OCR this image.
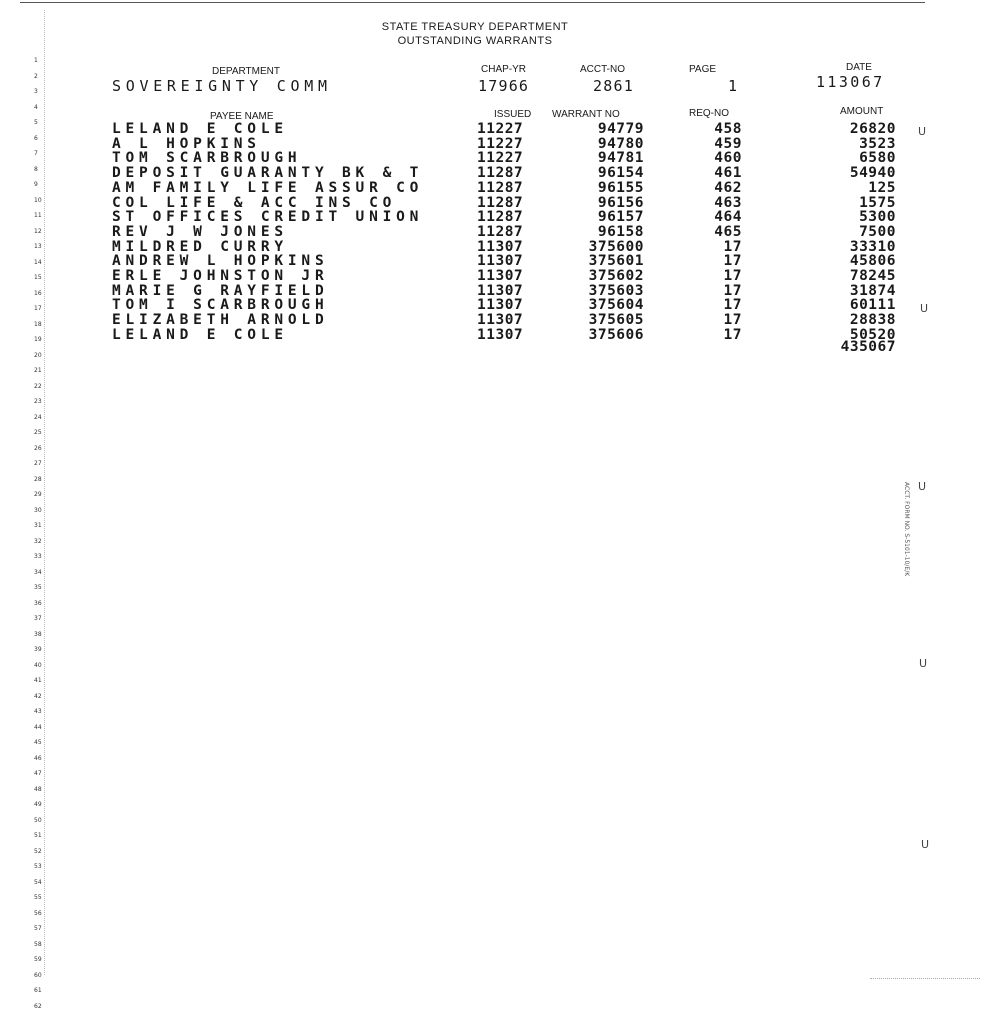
1
2
3
4
5
6
7
8
9
10
11
12
13
14
15
16
17
18
19
20
21
22
23
24
25
26
27
28
29
30
31
32
33
34
35
36
37
38
39
40
41
42
43
44
45
46
47
48
49
50
51
52
53
54
55
56
57
58
59
60
61
62
STATE TREASURY DEPARTMENT
OUTSTANDING WARRANTS
DEPARTMENT
SOVEREIGNTY COMM
CHAP-YR
17966
ACCT-NO
2861
PAGE
1
DATE
113067
PAYEE NAME	ISSUED WARRANT NO	REQ-NO	AMOUNT
LELAND E COLE	11227	94779	458	26820
A L HOPKINS	11227	94780	459	3523
TOM SCARBROUGH	11227	94781	460	6580
DEPOSIT GUARANTY BK & T	11287	96154	461	54940
AM FAMILY LIFE ASSUR CO	11287	96155	462	125
COL LIFE & ACC INS CO	11287	96156	463	1575
ST OFFICES CREDIT UNION	11287	96157	464	5300
REV J W JONES	11287	96158	465	7500
MILDRED CURRY	11307	375600	17	33310
ANDREW L HOPKINS	11307	375601	17	45806
ERLE JOHNSTON JR	11307	375602	17	78245
MARIE G RAYFIELD	11307	375603	17	31874
TOM I SCARBROUGH	11307	375604	17	60111
ELIZABETH ARNOLD	11307	375605	17	28838
LELAND E COLE	11307	375606	17	50520
435067
U
U
U
U
U
ACCT. FORM NO. S-5101-10/E/K
